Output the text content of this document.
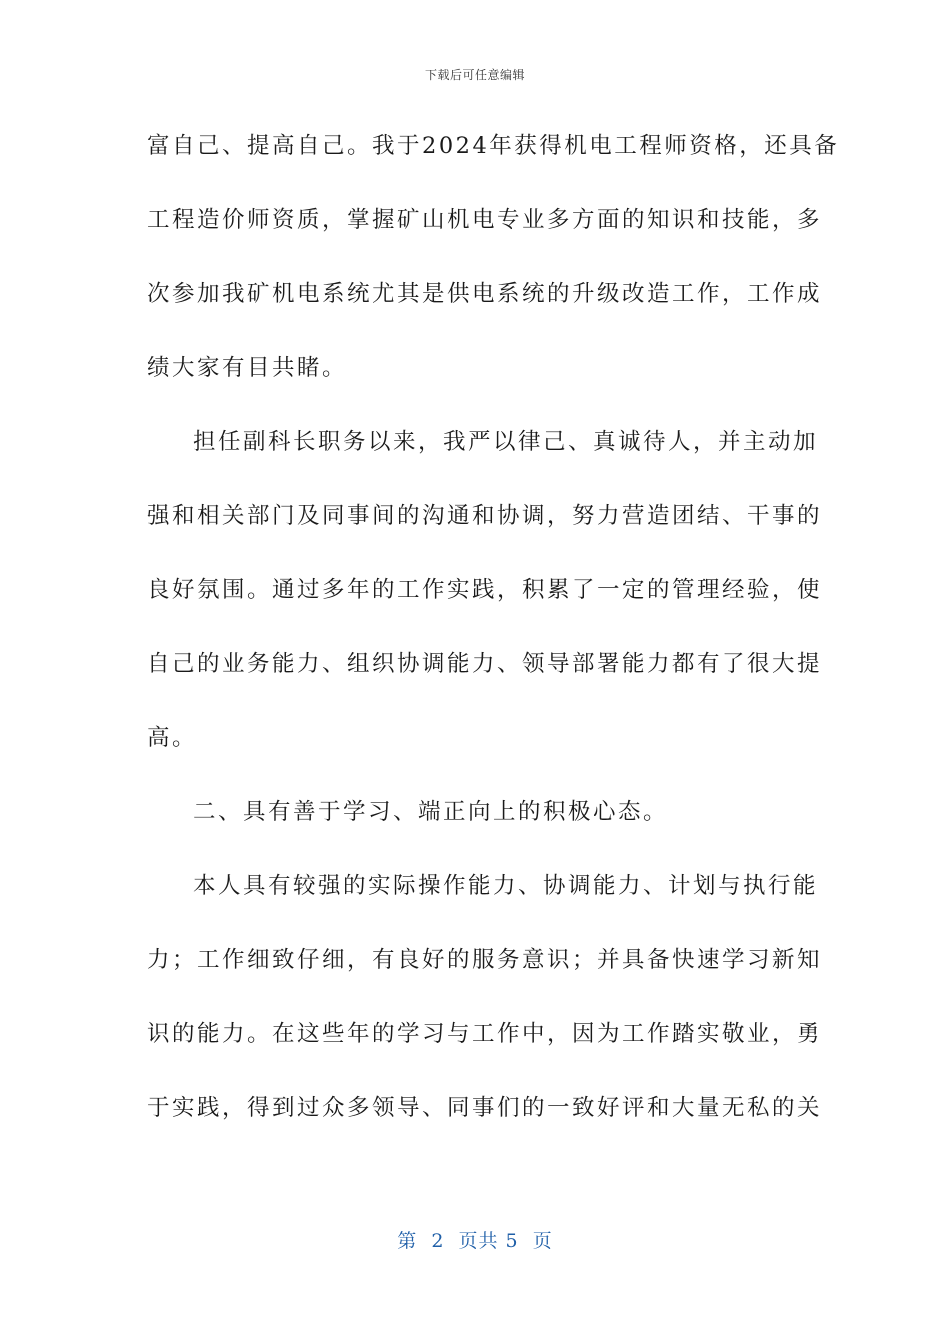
下载后可任意编辑
富自己、提高自己。我于2024年获得机电工程师资格，还具备
工程造价师资质，掌握矿山机电专业多方面的知识和技能，多
次参加我矿机电系统尤其是供电系统的升级改造工作，工作成
绩大家有目共睹。
担任副科长职务以来，我严以律己、真诚待人，并主动加
强和相关部门及同事间的沟通和协调，努力营造团结、干事的
良好氛围。通过多年的工作实践，积累了一定的管理经验，使
自己的业务能力、组织协调能力、领导部署能力都有了很大提
高。
二、具有善于学习、端正向上的积极心态。
本人具有较强的实际操作能力、协调能力、计划与执行能
力；工作细致仔细，有良好的服务意识；并具备快速学习新知
识的能力。在这些年的学习与工作中，因为工作踏实敬业，勇
于实践，得到过众多领导、同事们的一致好评和大量无私的关
第  2  页共 5  页
